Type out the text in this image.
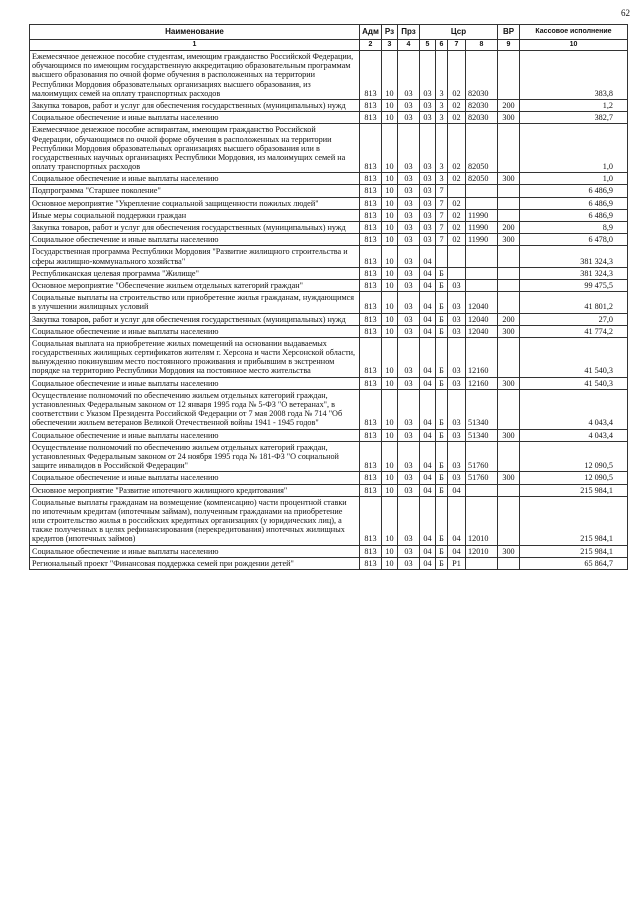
62
Наименование	Адм	Рз	Прз	Цср				ВР	Кассовое исполнение
1	2	3	4	5	6	7	8	9	10
Ежемесячное денежное пособие студентам, имеющим гражданство Российской Федерации, обучающимся по имеющим государственную аккредитацию образовательным программам высшего образования по очной форме обучения в расположенных на территории Республики Мордовия образовательных организациях высшего образования, из малоимущих семей на оплату транспортных расходов	813	10	03	03	3	02	82030		383,8
Закупка товаров, работ и услуг для обеспечения государственных (муниципальных) нужд	813	10	03	03	3	02	82030	200	1,2
Социальное обеспечение и иные выплаты населению	813	10	03	03	3	02	82030	300	382,7
Ежемесячное денежное пособие аспирантам, имеющим гражданство Российской Федерации, обучающимся по очной форме обучения в расположенных на территории Республики Мордовия образовательных организациях высшего образования или в государственных научных организациях Республики Мордовия, из малоимущих семей на оплату транспортных расходов	813	10	03	03	3	02	82050		1,0
Социальное обеспечение и иные выплаты населению	813	10	03	03	3	02	82050	300	1,0
Подпрограмма "Старшее поколение"	813	10	03	03	7				6 486,9
Основное мероприятие "Укрепление социальной защищенности пожилых людей"	813	10	03	03	7	02			6 486,9
Иные меры социальной поддержки граждан	813	10	03	03	7	02	11990		6 486,9
Закупка товаров, работ и услуг для обеспечения государственных (муниципальных) нужд	813	10	03	03	7	02	11990	200	8,9
Социальное обеспечение и иные выплаты населению	813	10	03	03	7	02	11990	300	6 478,0
Государственная программа Республики Мордовия "Развитие жилищного строительства и сферы жилищно-коммунального хозяйства"	813	10	03	04					381 324,3
Республиканская целевая программа "Жилище"	813	10	03	04	Б				381 324,3
Основное мероприятие "Обеспечение жильем отдельных категорий граждан"	813	10	03	04	Б	03			99 475,5
Социальные выплаты на строительство или приобретение жилья гражданам, нуждающимся в улучшении жилищных условий	813	10	03	04	Б	03	12040		41 801,2
Закупка товаров, работ и услуг для обеспечения государственных (муниципальных) нужд	813	10	03	04	Б	03	12040	200	27,0
Социальное обеспечение и иные выплаты населению	813	10	03	04	Б	03	12040	300	41 774,2
Социальная выплата на приобретение жилых помещений на основании выдаваемых государственных жилищных сертификатов жителям г. Херсона и части Херсонской области, вынужденно покинувшим место постоянного проживания и прибывшим в экстренном порядке на территорию Республики Мордовия на постоянное место жительства	813	10	03	04	Б	03	12160		41 540,3
Социальное обеспечение и иные выплаты населению	813	10	03	04	Б	03	12160	300	41 540,3
Осуществление полномочий по обеспечению жильем отдельных категорий граждан, установленных Федеральным законом от 12 января 1995 года № 5-ФЗ "О ветеранах", в соответствии с Указом Президента Российской Федерации от 7 мая 2008 года № 714 "Об обеспечении жильем ветеранов Великой Отечественной войны 1941 - 1945 годов"	813	10	03	04	Б	03	51340		4 043,4
Социальное обеспечение и иные выплаты населению	813	10	03	04	Б	03	51340	300	4 043,4
Осуществление полномочий по обеспечению жильем отдельных категорий граждан, установленных Федеральным законом от 24 ноября 1995 года № 181-ФЗ "О социальной защите инвалидов в Российской Федерации"	813	10	03	04	Б	03	51760		12 090,5
Социальное обеспечение и иные выплаты населению	813	10	03	04	Б	03	51760	300	12 090,5
Основное мероприятие "Развитие ипотечного жилищного кредитования"	813	10	03	04	Б	04			215 984,1
Социальные выплаты гражданам на возмещение (компенсацию) части процентной ставки по ипотечным кредитам (ипотечным займам), полученным гражданами на приобретение или строительство жилья в российских кредитных организациях (у юридических лиц), а также полученных в целях рефинансирования (перекредитования) ипотечных жилищных кредитов (ипотечных займов)	813	10	03	04	Б	04	12010		215 984,1
Социальное обеспечение и иные выплаты населению	813	10	03	04	Б	04	12010	300	215 984,1
Региональный проект "Финансовая поддержка семей при рождении детей"	813	10	03	04	Б	P1			65 864,7
